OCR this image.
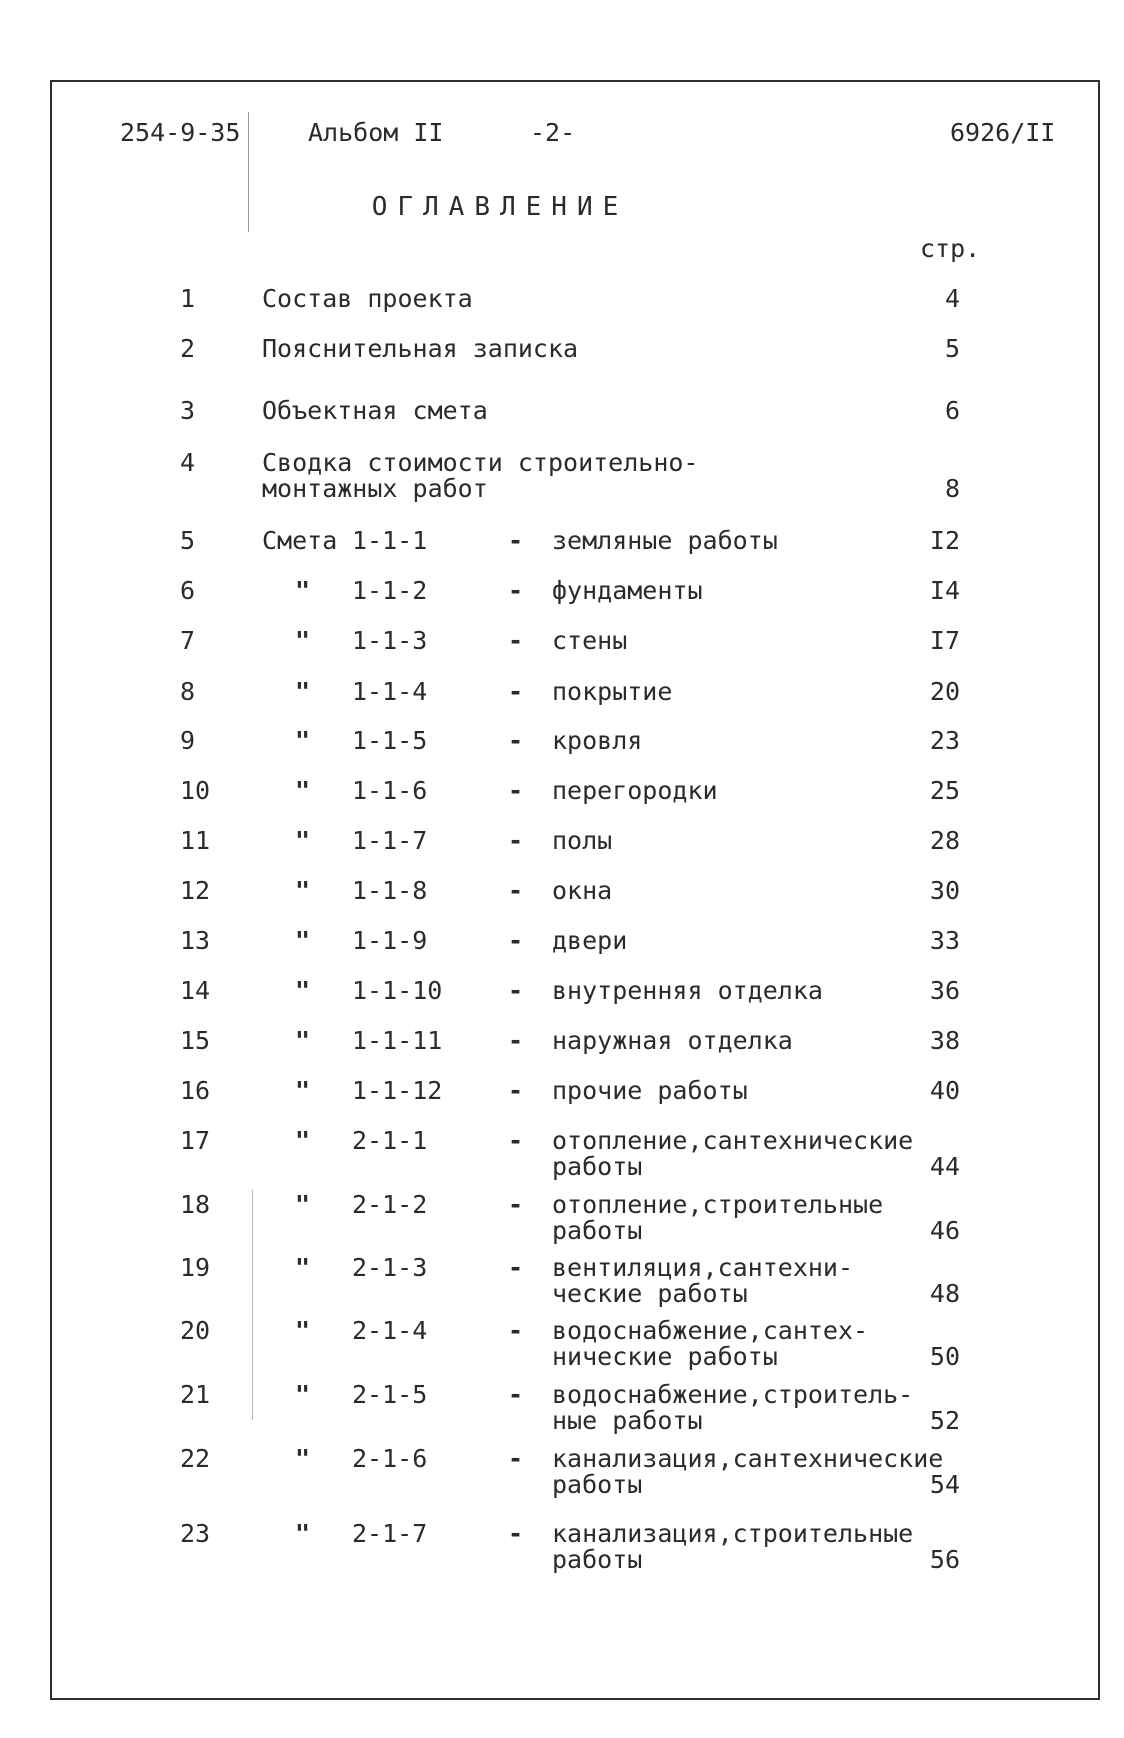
254-9-35	Альбом II	-2-	6926/II
ОГЛАВЛЕНИЕ
стр.
1	Состав проекта	4
2	Пояснительная записка	5
3	Объектная смета	6
4	Сводка стоимости строительно-
монтажных работ	8
5	Смета 1-1-1	- земляные работы	I2
6	" 1-1-2	- фундаменты	I4
7	" 1-1-3	- стены	I7
8	" 1-1-4	- покрытие	20
9	" 1-1-5	- кровля	23
10	" 1-1-6	- перегородки	25
11	" 1-1-7	- полы	28
12	" 1-1-8	- окна	30
13	" 1-1-9	- двери	33
14	" 1-1-10	- внутренняя отделка	36
15	" 1-1-11	- наружная отделка	38
16	" 1-1-12	- прочие работы	40
17	" 2-1-1	- отопление,сантехнические
работы	44
18	" 2-1-2	- отопление,строительные
работы	46
19	" 2-1-3	- вентиляция,сантехни-
ческие работы	48
20	" 2-1-4	- водоснабжение,сантех-
нические работы	50
21	" 2-1-5	- водоснабжение,строитель-
ные работы	52
22	" 2-1-6	- канализация,сантехнические
работы	54
23	" 2-1-7	- канализация,строительные
работы	56
